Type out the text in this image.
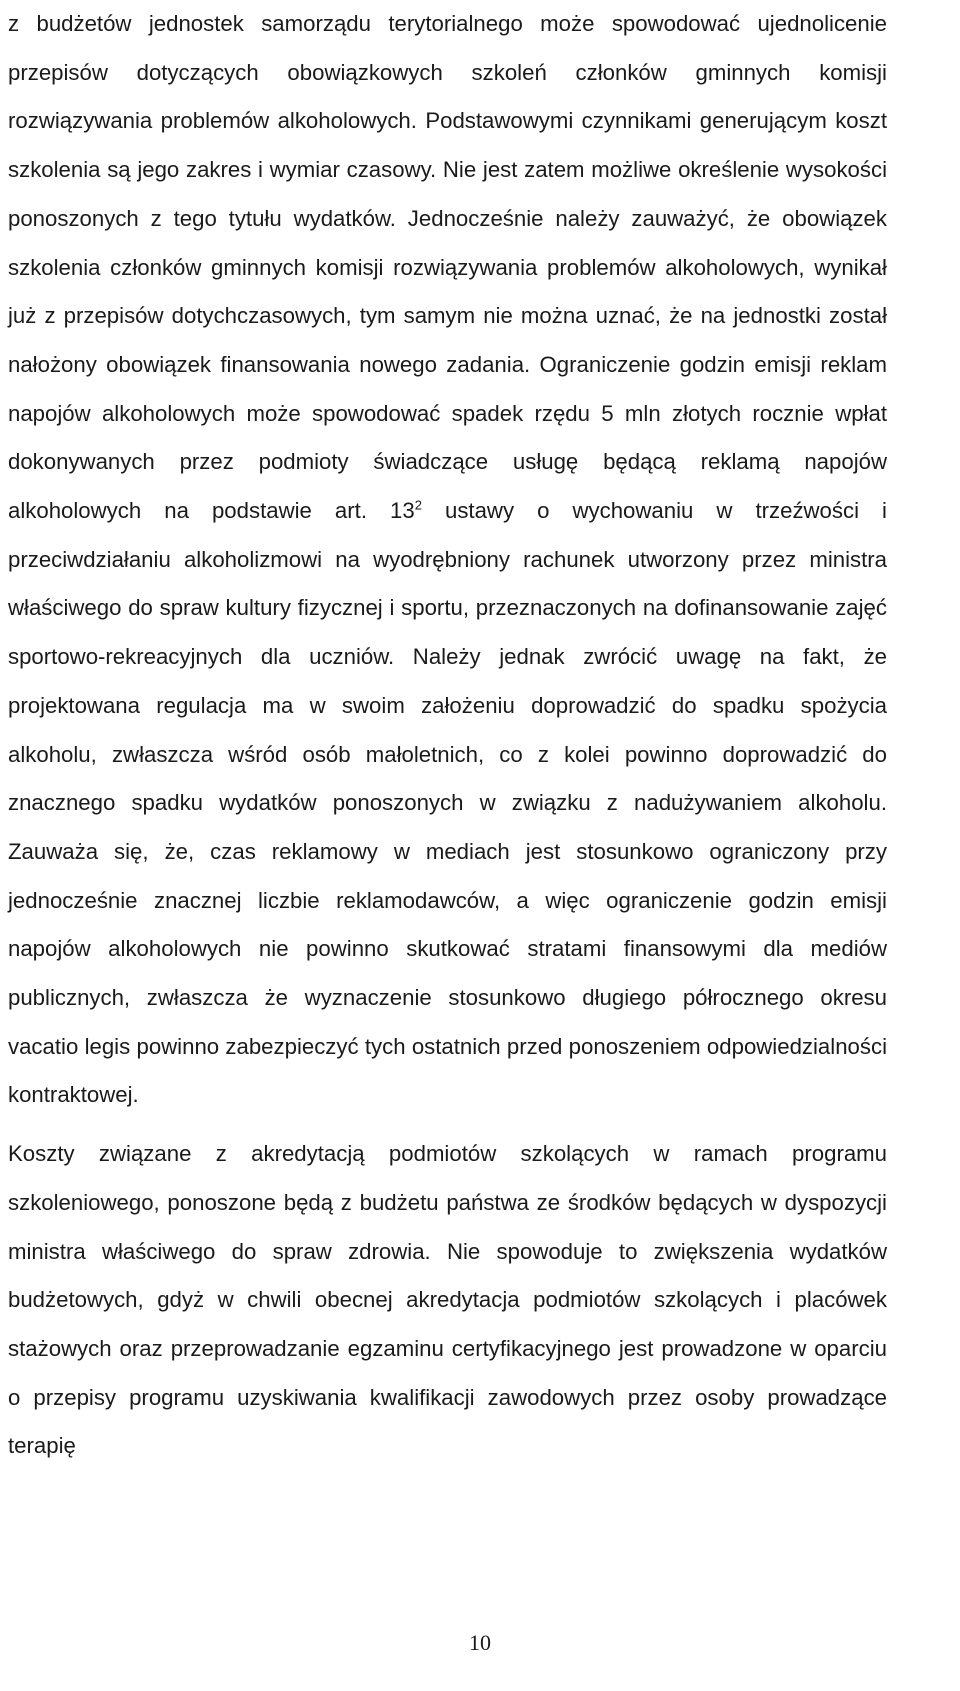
z budżetów jednostek samorządu terytorialnego może spowodować ujednolicenie przepisów dotyczących obowiązkowych szkoleń członków gminnych komisji rozwiązywania problemów alkoholowych. Podstawowymi czynnikami generującym koszt szkolenia są jego zakres i wymiar czasowy. Nie jest zatem możliwe określenie wysokości ponoszonych z tego tytułu wydatków. Jednocześnie należy zauważyć, że obowiązek szkolenia członków gminnych komisji rozwiązywania problemów alkoholowych, wynikał już z przepisów dotychczasowych, tym samym nie można uznać, że na jednostki został nałożony obowiązek finansowania nowego zadania. Ograniczenie godzin emisji reklam napojów alkoholowych może spowodować spadek rzędu 5 mln złotych rocznie wpłat dokonywanych przez podmioty świadczące usługę będącą reklamą napojów alkoholowych na podstawie art. $13^2$ ustawy o wychowaniu w trzeźwości i przeciwdziałaniu alkoholizmowi na wyodrębniony rachunek utworzony przez ministra właściwego do spraw kultury fizycznej i sportu, przeznaczonych na dofinansowanie zajęć sportowo-rekreacyjnych dla uczniów. Należy jednak zwrócić uwagę na fakt, że projektowana regulacja ma w swoim założeniu doprowadzić do spadku spożycia alkoholu, zwłaszcza wśród osób małoletnich, co z kolei powinno doprowadzić do znacznego spadku wydatków ponoszonych w związku z nadużywaniem alkoholu. Zauważa się, że, czas reklamowy w mediach jest stosunkowo ograniczony przy jednocześnie znacznej liczbie reklamodawców, a więc ograniczenie godzin emisji napojów alkoholowych nie powinno skutkować stratami finansowymi dla mediów publicznych, zwłaszcza że wyznaczenie stosunkowo długiego półrocznego okresu vacatio legis powinno zabezpieczyć tych ostatnich przed ponoszeniem odpowiedzialności kontraktowej.

Koszty związane z akredytacją podmiotów szkolących w ramach programu szkoleniowego, ponoszone będą z budżetu państwa ze środków będących w dyspozycji ministra właściwego do spraw zdrowia. Nie spowoduje to zwiększenia wydatków budżetowych, gdyż w chwili obecnej akredytacja podmiotów szkolących i placówek stażowych oraz przeprowadzanie egzaminu certyfikacyjnego jest prowadzone w oparciu o przepisy programu uzyskiwania kwalifikacji zawodowych przez osoby prowadzące terapię

10
